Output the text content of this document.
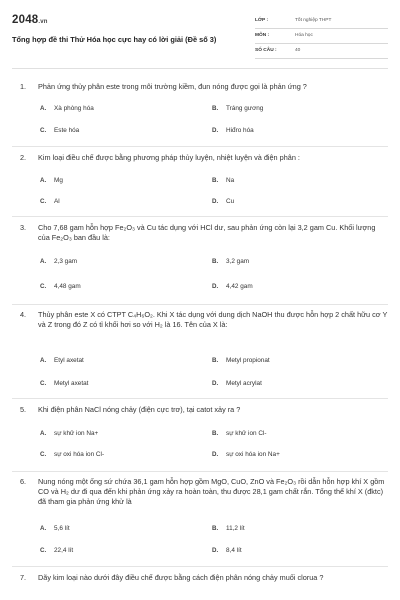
2048.vn
Tổng hợp đề thi Thử Hóa học cực hay có lời giải (Đề số 3)
LỚP :	Tốt nghiệp THPT
MÔN :	Hóa học
SỐ CÂU :	40
1.	Phản ứng thủy phân este trong môi trường kiềm, đun nóng được gọi là phản ứng ?
A. Xà phòng hóa	B. Tráng gương
C. Este hóa	D. Hiđro hóa
2.	Kim loại điều chế được bằng phương pháp thủy luyện, nhiệt luyện và điện phân :
A. Mg	B. Na
C. Al	D. Cu
3.	Cho 7,68 gam hỗn hợp Fe₂O₃ và Cu tác dụng với HCl dư, sau phản ứng còn lại 3,2 gam Cu. Khối lượng của Fe₂O₃ ban đầu là:
A. 2,3 gam	B. 3,2 gam
C. 4,48 gam	D. 4,42 gam
4.	Thủy phân este X có CTPT C₄H₆O₂. Khi X tác dụng với dung dịch NaOH thu được hỗn hợp 2 chất hữu cơ Y và Z trong đó Z có tỉ khối hơi so với H₂ là 16. Tên của X là:
A. Etyl axetat	B. Metyl propionat
C. Metyl axetat	D. Metyl acrylat
5.	Khi điện phân NaCl nóng chảy (điện cực trơ), tại catot xảy ra ?
A. sự khử ion Na+	B. sự khử ion Cl-
C. sự oxi hóa ion Cl-	D. sự oxi hóa ion Na+
6.	Nung nóng một ống sứ chứa 36,1 gam hỗn hợp gồm MgO, CuO, ZnO và Fe₂O₃ rồi dẫn hỗn hợp khí X gồm CO và H₂ dư đi qua đến khi phản ứng xảy ra hoàn toàn, thu được 28,1 gam chất rắn. Tổng thể khí X (đktc) đã tham gia phản ứng khử là
A. 5,6 lít	B. 11,2 lít
C. 22,4 lít	D. 8,4 lít
7.	Dãy kim loại nào dưới đây điều chế được bằng cách điện phân nóng chảy muối clorua ?
